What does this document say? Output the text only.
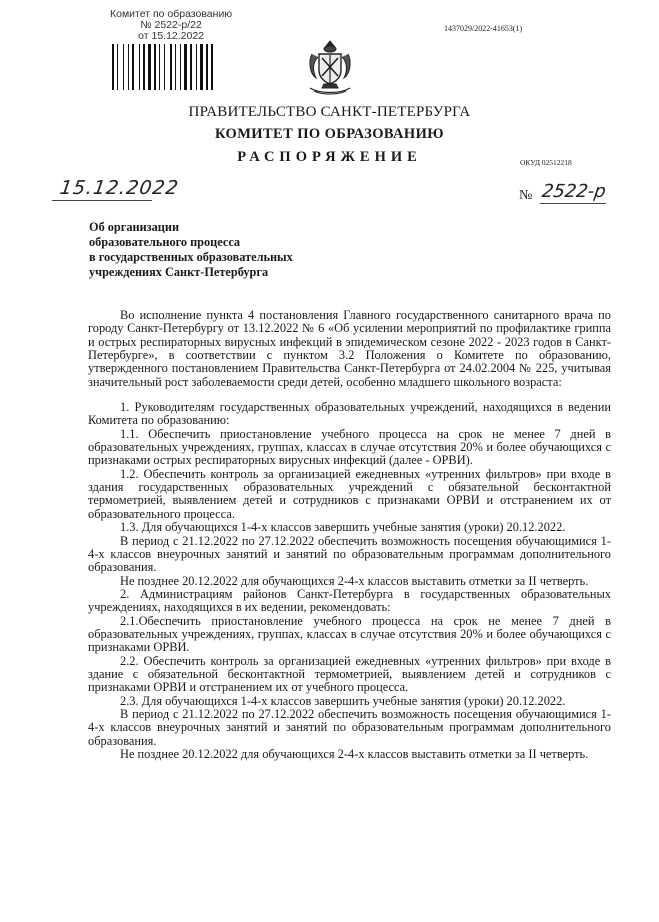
Комитет по образованию
№ 2522-р/22
от 15.12.2022
1437029/2022-41653(1)
ПРАВИТЕЛЬСТВО САНКТ-ПЕТЕРБУРГА
КОМИТЕТ ПО ОБРАЗОВАНИЮ
РАСПОРЯЖЕНИЕ	ОКУД 02512218
15.12.2022	№ 2522-р
Об организации
образовательного процесса
в государственных образовательных
учреждениях Санкт-Петербурга

Во исполнение пункта 4 постановления Главного государственного санитарного врача по городу Санкт-Петербургу от 13.12.2022 № 6 «Об усилении мероприятий по профилактике гриппа и острых респираторных вирусных инфекций в эпидемическом сезоне 2022 - 2023 годов в Санкт-Петербурге», в соответствии с пунктом 3.2 Положения о Комитете по образованию, утвержденного постановлением Правительства Санкт-Петербурга от 24.02.2004 № 225, учитывая значительный рост заболеваемости среди детей, особенно младшего школьного возраста:

1. Руководителям государственных образовательных учреждений, находящихся в ведении Комитета по образованию:

1.1. Обеспечить приостановление учебного процесса на срок не менее 7 дней в образовательных учреждениях, группах, классах в случае отсутствия 20% и более обучающихся с признаками острых респираторных вирусных инфекций (далее - ОРВИ).

1.2. Обеспечить контроль за организацией ежедневных «утренних фильтров» при входе в здания государственных образовательных учреждений с обязательной бесконтактной термометрией, выявлением детей и сотрудников с признаками ОРВИ и отстранением их от образовательного процесса.

1.3. Для обучающихся 1-4-х классов завершить учебные занятия (уроки) 20.12.2022.

В период с 21.12.2022 по 27.12.2022 обеспечить возможность посещения обучающимися 1-4-х классов внеурочных занятий и занятий по образовательным программам дополнительного образования.

Не позднее 20.12.2022 для обучающихся 2-4-х классов выставить отметки за II четверть.

2. Администрациям районов Санкт-Петербурга в государственных образовательных учреждениях, находящихся в их ведении, рекомендовать:

2.1.Обеспечить приостановление учебного процесса на срок не менее 7 дней в образовательных учреждениях, группах, классах в случае отсутствия 20% и более обучающихся с признаками ОРВИ.

2.2. Обеспечить контроль за организацией ежедневных «утренних фильтров» при входе в здание с обязательной бесконтактной термометрией, выявлением детей и сотрудников с признаками ОРВИ и отстранением их от учебного процесса.

2.3. Для обучающихся 1-4-х классов завершить учебные занятия (уроки) 20.12.2022.

В период с 21.12.2022 по 27.12.2022 обеспечить возможность посещения обучающимися 1-4-х классов внеурочных занятий и занятий по образовательным программам дополнительного образования.

Не позднее 20.12.2022 для обучающихся 2-4-х классов выставить отметки за II четверть.
